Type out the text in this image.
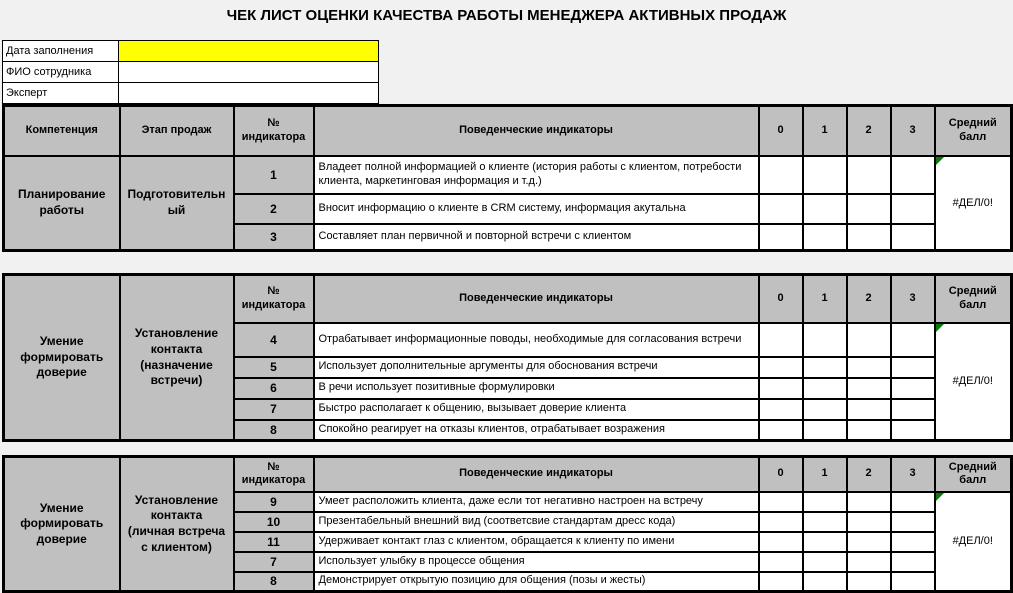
ЧЕК ЛИСТ ОЦЕНКИ КАЧЕСТВА РАБОТЫ МЕНЕДЖЕРА АКТИВНЫХ ПРОДАЖ
Дата заполнения	
ФИО сотрудника	
Эксперт	
Компетенция	Этап продаж	№ индикатора	Поведенческие индикаторы	0	1	2	3	Средний балл
Планирование работы	Подготовительный	1	Владеет полной информацией о клиенте (история работы с клиентом, потребости клиента, маркетинговая информация и т.д.)					#ДЕЛ/0!
		2	Вносит информацию о клиенте в CRM систему, информация акутальна					
		3	Составляет план первичной и повторной встречи с клиентом					
Умение формировать доверие	Установление контакта (назначение встречи)	№ индикатора	Поведенческие индикаторы	0	1	2	3	Средний балл
		4	Отрабатывает информационные поводы, необходимые для согласования встречи					#ДЕЛ/0!
		5	Использует дополнительные аргументы для обоснования встречи					
		6	В речи использует позитивные формулировки					
		7	Быстро располагает к общению, вызывает доверие клиента					
		8	Спокойно реагирует на отказы клиентов, отрабатывает возражения					
Умение формировать доверие	Установление контакта (личная встреча с клиентом)	№ индикатора	Поведенческие индикаторы	0	1	2	3	Средний балл
		9	Умеет расположить клиента, даже если тот негативно настроен на встречу					#ДЕЛ/0!
		10	Презентабельный внешний вид (соответсвие стандартам дресс кода)					
		11	Удерживает контакт глаз с клиентом, обращается к клиенту по имени					
		7	Использует улыбку в процессе общения					
		8	Демонстрирует открытую позицию для общения (позы и жесты)					
